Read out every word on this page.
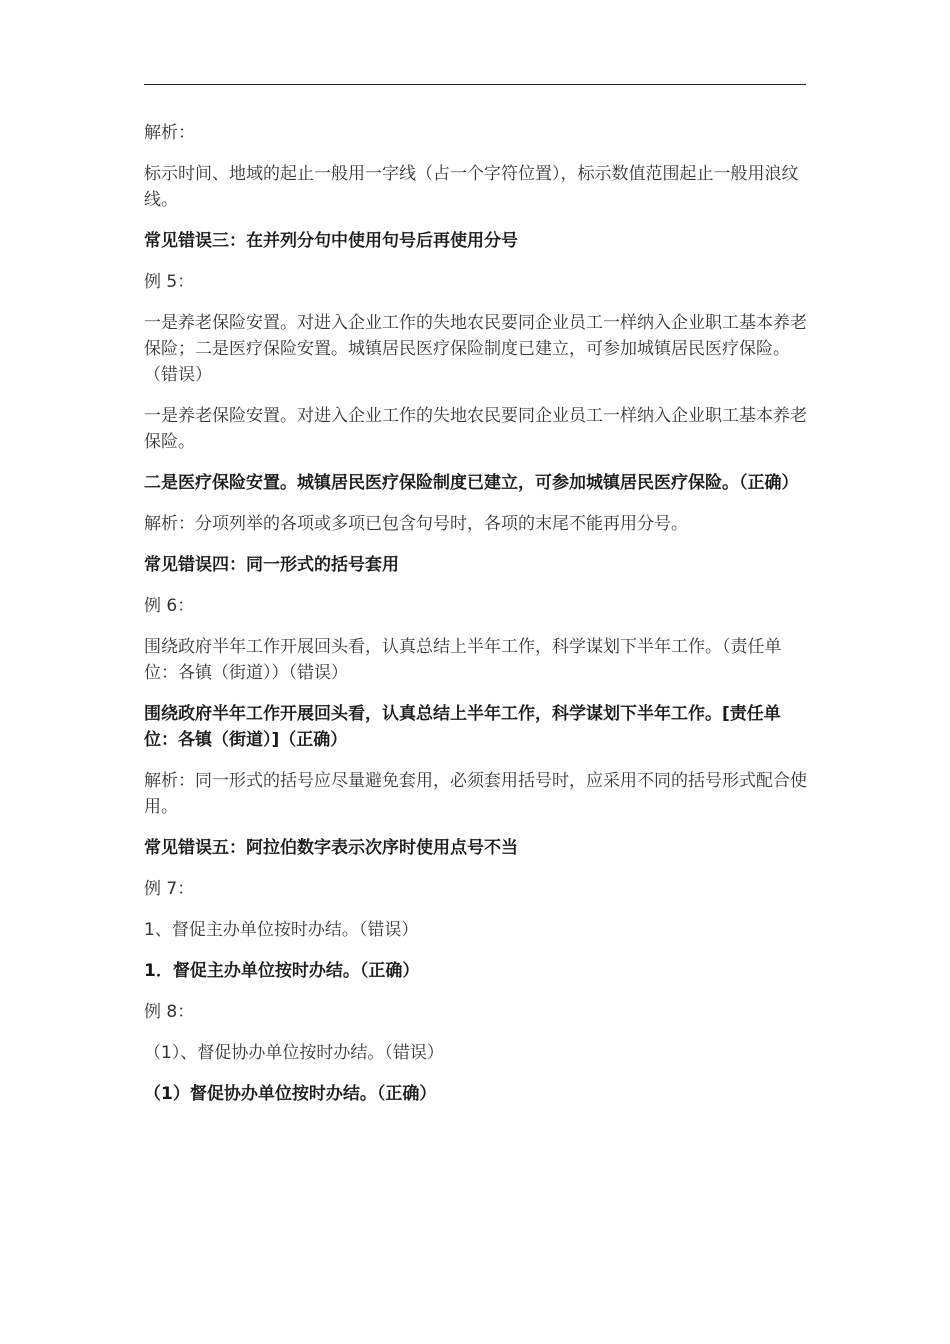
解析：

标示时间、地域的起止一般用一字线（占一个字符位置），标示数值范围起止一般用浪纹线。

常见错误三：在并列分句中使用句号后再使用分号

例 5：

一是养老保险安置。对进入企业工作的失地农民要同企业员工一样纳入企业职工基本养老保险；二是医疗保险安置。城镇居民医疗保险制度已建立，可参加城镇居民医疗保险。（错误）

一是养老保险安置。对进入企业工作的失地农民要同企业员工一样纳入企业职工基本养老保险。

二是医疗保险安置。城镇居民医疗保险制度已建立，可参加城镇居民医疗保险。（正确）

解析：分项列举的各项或多项已包含句号时，各项的末尾不能再用分号。

常见错误四：同一形式的括号套用

例 6：

围绕政府半年工作开展回头看，认真总结上半年工作，科学谋划下半年工作。（责任单位：各镇（街道））（错误）

围绕政府半年工作开展回头看，认真总结上半年工作，科学谋划下半年工作。[责任单位：各镇（街道）]（正确）

解析：同一形式的括号应尽量避免套用，必须套用括号时，应采用不同的括号形式配合使用。

常见错误五：阿拉伯数字表示次序时使用点号不当

例 7：

1、督促主办单位按时办结。（错误）

1．督促主办单位按时办结。（正确）

例 8：

（1）、督促协办单位按时办结。（错误）

（1）督促协办单位按时办结。（正确）
